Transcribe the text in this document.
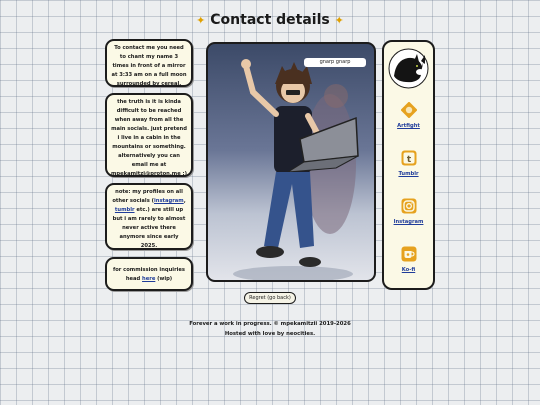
✦ Contact details ✦
To contact me you need to chant my name 3 times in front of a mirror at 3:33 am on a full moon surrounded by cereal.
the truth is it is kinda difficult to be reached when away from all the main socials. just pretend i live in a cabin in the mountains or something. alternatively you can email me at mpekamitzi@proton.me :)
note: my profiles on all other socials (instagram, tumblr etc.) are still up but i am rarely to almost never active there anymore since early 2025.
for commission inquiries head here (wip)
gnarp gnarp
Artfight
t
Tumblr
Instagram
Ko-fi
Regret (go back)
Forever a work in progress. © mpekamitzii 2019-2026
Hosted with love by neocities.
